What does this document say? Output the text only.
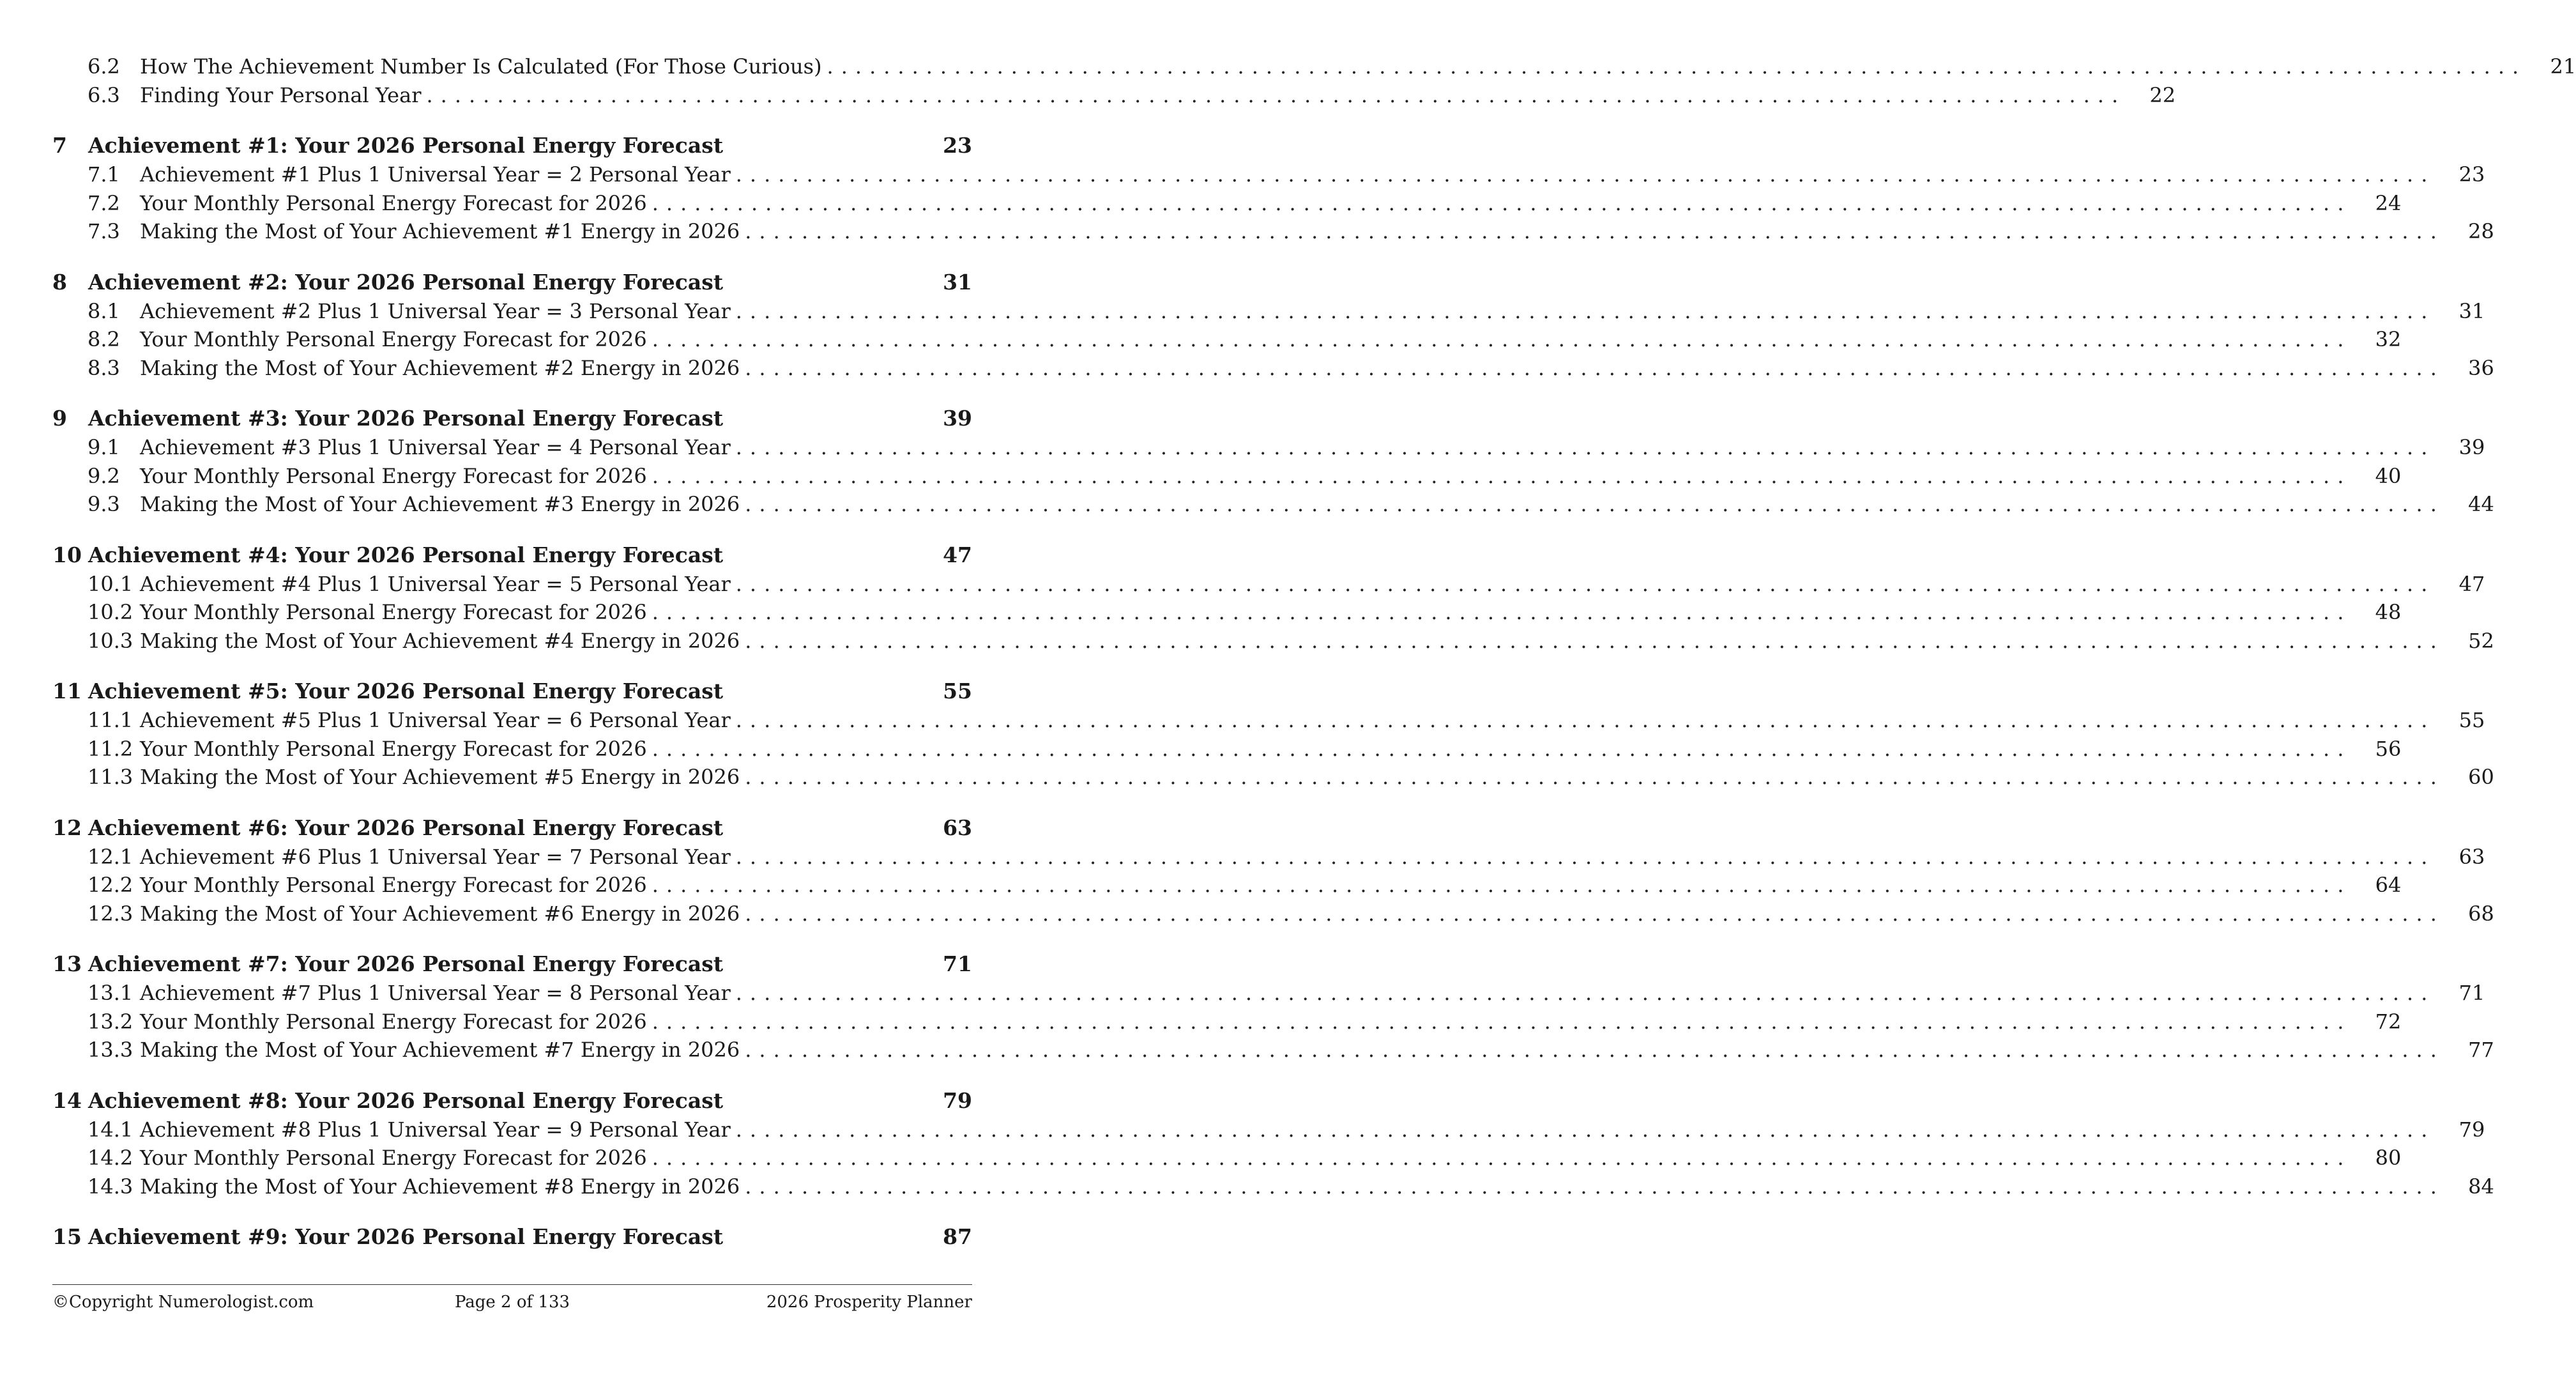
6.2 How The Achievement Number Is Calculated (For Those Curious) ........................................................................................................................	21
6.3 Finding Your Personal Year ........................................................................................................................	22
7	Achievement #1: Your 2026 Personal Energy Forecast	23
7.1 Achievement #1 Plus 1 Universal Year = 2 Personal Year ........................................................................................................................	23
7.2 Your Monthly Personal Energy Forecast for 2026 ........................................................................................................................	24
7.3 Making the Most of Your Achievement #1 Energy in 2026 ........................................................................................................................	28
8	Achievement #2: Your 2026 Personal Energy Forecast	31
8.1 Achievement #2 Plus 1 Universal Year = 3 Personal Year ........................................................................................................................	31
8.2 Your Monthly Personal Energy Forecast for 2026 ........................................................................................................................	32
8.3 Making the Most of Your Achievement #2 Energy in 2026 ........................................................................................................................	36
9	Achievement #3: Your 2026 Personal Energy Forecast	39
9.1 Achievement #3 Plus 1 Universal Year = 4 Personal Year ........................................................................................................................	39
9.2 Your Monthly Personal Energy Forecast for 2026 ........................................................................................................................	40
9.3 Making the Most of Your Achievement #3 Energy in 2026 ........................................................................................................................	44
10 Achievement #4: Your 2026 Personal Energy Forecast	47
10.1 Achievement #4 Plus 1 Universal Year = 5 Personal Year ........................................................................................................................	47
10.2 Your Monthly Personal Energy Forecast for 2026 ........................................................................................................................	48
10.3 Making the Most of Your Achievement #4 Energy in 2026 ........................................................................................................................	52
11 Achievement #5: Your 2026 Personal Energy Forecast	55
11.1 Achievement #5 Plus 1 Universal Year = 6 Personal Year ........................................................................................................................	55
11.2 Your Monthly Personal Energy Forecast for 2026 ........................................................................................................................	56
11.3 Making the Most of Your Achievement #5 Energy in 2026 ........................................................................................................................	60
12 Achievement #6: Your 2026 Personal Energy Forecast	63
12.1 Achievement #6 Plus 1 Universal Year = 7 Personal Year ........................................................................................................................	63
12.2 Your Monthly Personal Energy Forecast for 2026 ........................................................................................................................	64
12.3 Making the Most of Your Achievement #6 Energy in 2026 ........................................................................................................................	68
13 Achievement #7: Your 2026 Personal Energy Forecast	71
13.1 Achievement #7 Plus 1 Universal Year = 8 Personal Year ........................................................................................................................	71
13.2 Your Monthly Personal Energy Forecast for 2026 ........................................................................................................................	72
13.3 Making the Most of Your Achievement #7 Energy in 2026 ........................................................................................................................	77
14 Achievement #8: Your 2026 Personal Energy Forecast	79
14.1 Achievement #8 Plus 1 Universal Year = 9 Personal Year ........................................................................................................................	79
14.2 Your Monthly Personal Energy Forecast for 2026 ........................................................................................................................	80
14.3 Making the Most of Your Achievement #8 Energy in 2026 ........................................................................................................................	84
15 Achievement #9: Your 2026 Personal Energy Forecast	87
©Copyright Numerologist.com	Page 2 of 133	2026 Prosperity Planner
